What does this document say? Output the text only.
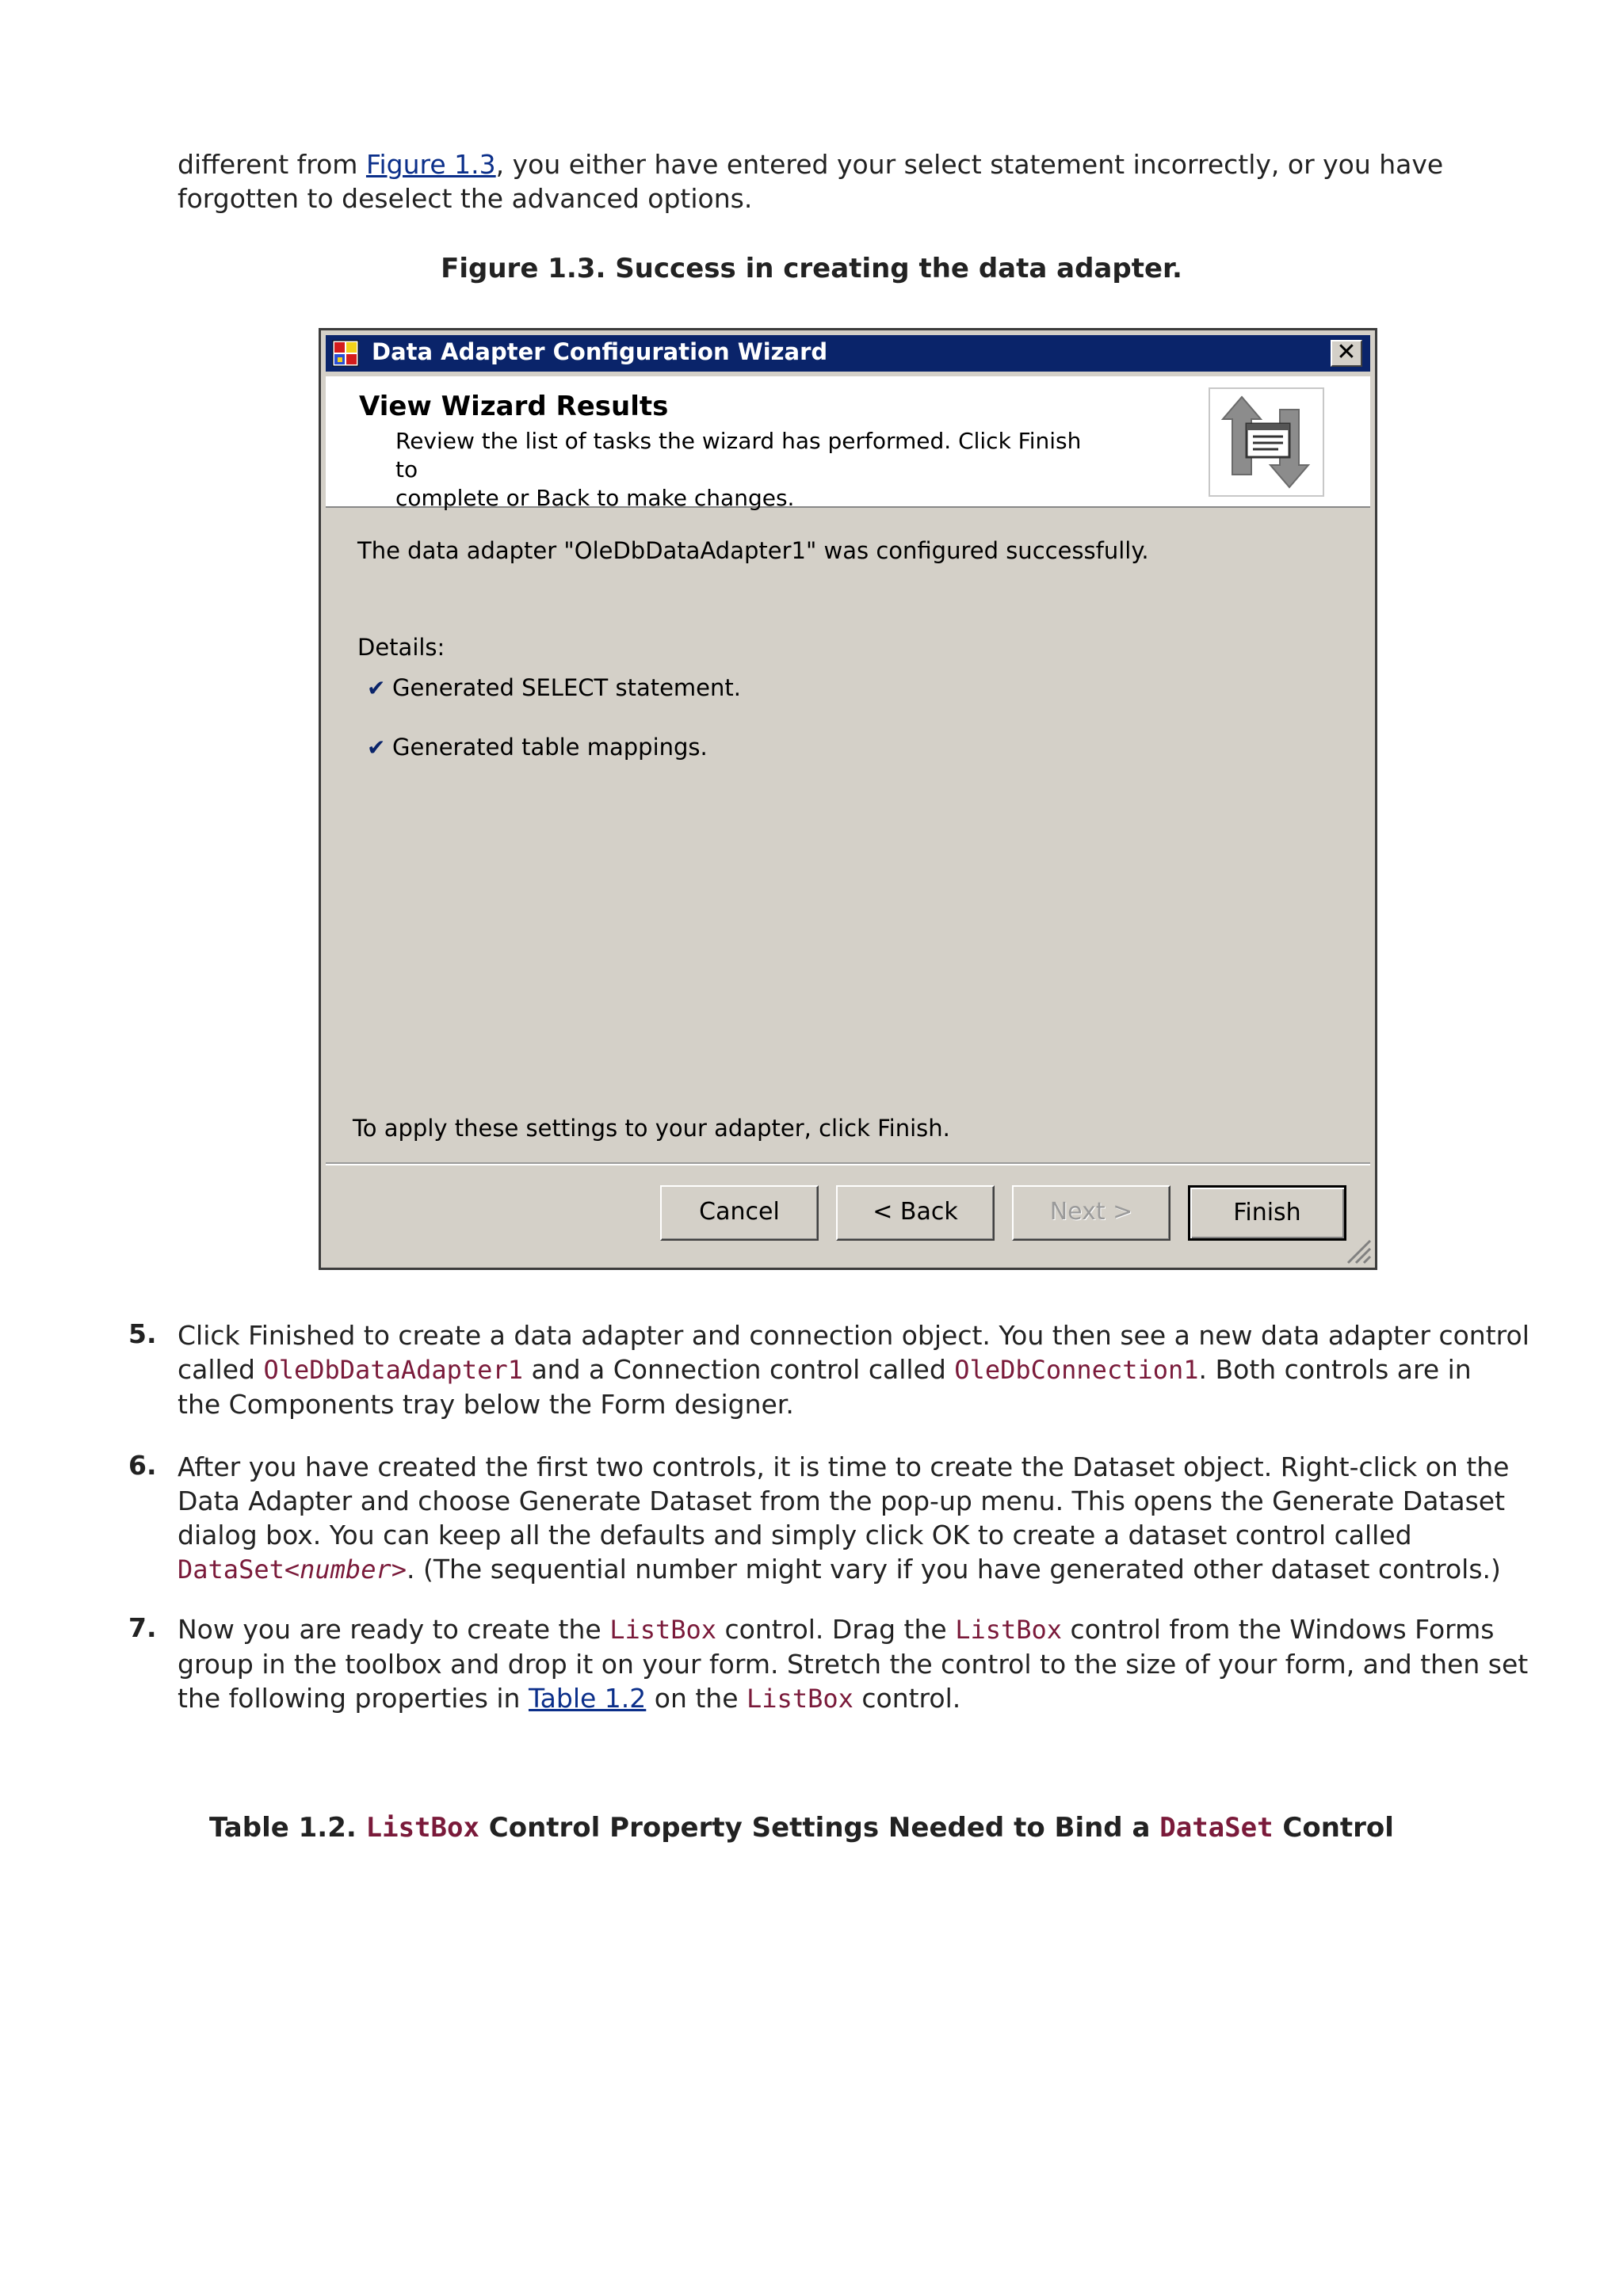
different from Figure 1.3, you either have entered your select statement incorrectly, or you have
forgotten to deselect the advanced options.
Figure 1.3. Success in creating the data adapter.
Data Adapter Configuration Wizard	✕
View Wizard Results
Review the list of tasks the wizard has performed. Click Finish to
complete or Back to make changes.
The data adapter "OleDbDataAdapter1" was configured successfully.
Details:
✔ Generated SELECT statement.
✔ Generated table mappings.
To apply these settings to your adapter, click Finish.
Cancel	< Back	Next >	Finish
5. Click Finished to create a data adapter and connection object. You then see a new data adapter control
called OleDbDataAdapter1 and a Connection control called OleDbConnection1. Both controls are in
the Components tray below the Form designer.
6. After you have created the first two controls, it is time to create the Dataset object. Right-click on the
Data Adapter and choose Generate Dataset from the pop-up menu. This opens the Generate Dataset
dialog box. You can keep all the defaults and simply click OK to create a dataset control called
DataSet<number>. (The sequential number might vary if you have generated other dataset controls.)
7. Now you are ready to create the ListBox control. Drag the ListBox control from the Windows Forms
group in the toolbox and drop it on your form. Stretch the control to the size of your form, and then set
the following properties in Table 1.2 on the ListBox control.
Table 1.2. ListBox Control Property Settings Needed to Bind a DataSet Control
